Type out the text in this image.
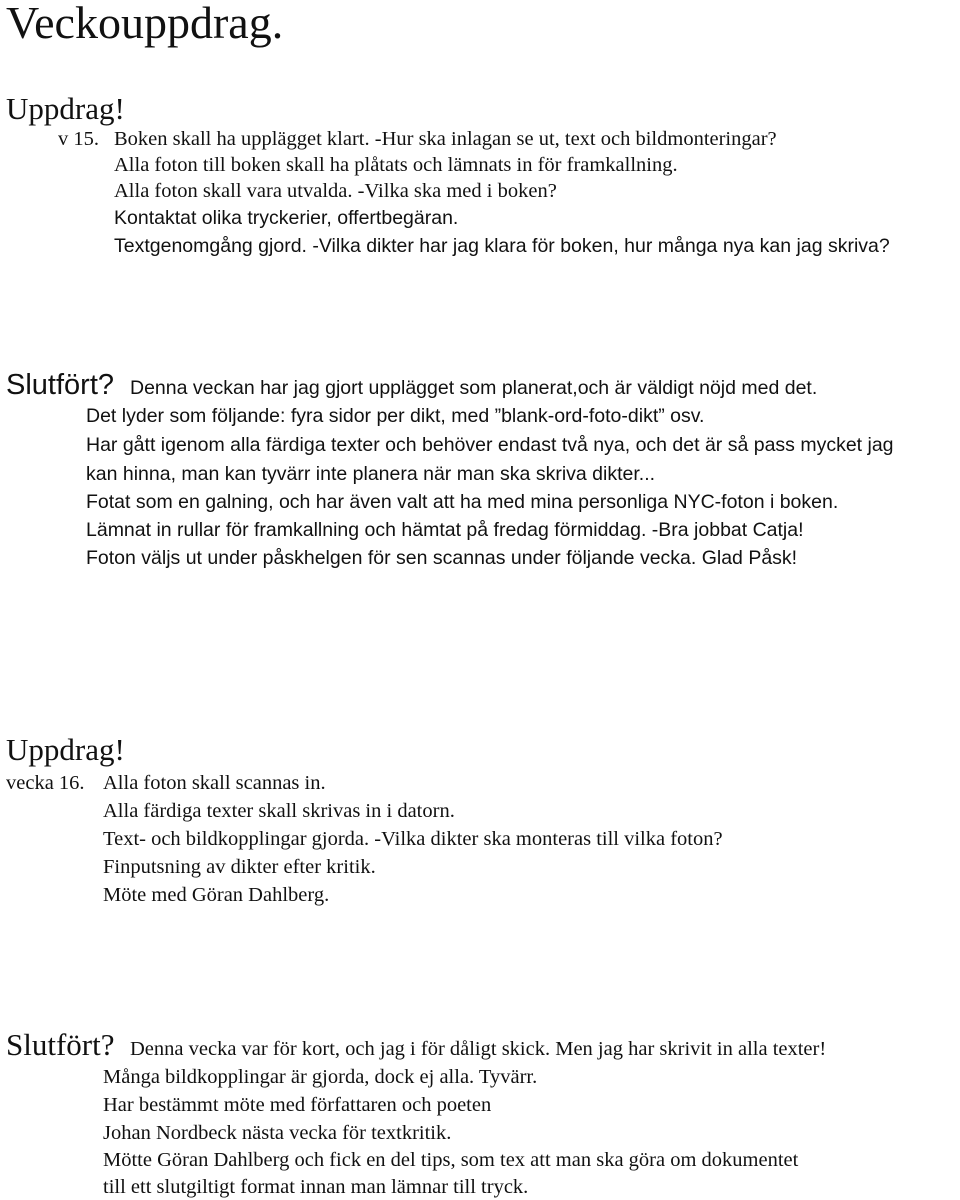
Veckouppdrag.
Uppdrag!
v 15. Boken skall ha upplägget klart. -Hur ska inlagan se ut, text och bildmonteringar?
Alla foton till boken skall ha plåtats och lämnats in för framkallning.
Alla foton skall vara utvalda. -Vilka ska med i boken?
Kontaktat olika tryckerier, offertbegäran.
Textgenomgång gjord. -Vilka dikter har jag klara för boken, hur många nya kan jag skriva?
Slutfört? Denna veckan har jag gjort upplägget som planerat,och är väldigt nöjd med det.
Det lyder som följande: fyra sidor per dikt, med ”blank-ord-foto-dikt” osv.
Har gått igenom alla färdiga texter och behöver endast två nya, och det är så pass mycket jag
kan hinna, man kan tyvärr inte planera när man ska skriva dikter...
Fotat som en galning, och har även valt att ha med mina personliga NYC-foton i boken.
Lämnat in rullar för framkallning och hämtat på fredag förmiddag. -Bra jobbat Catja!
Foton väljs ut under påskhelgen för sen scannas under följande vecka. Glad Påsk!
Uppdrag!
vecka 16. Alla foton skall scannas in.
Alla färdiga texter skall skrivas in i datorn.
Text- och bildkopplingar gjorda. -Vilka dikter ska monteras till vilka foton?
Finputsning av dikter efter kritik.
Möte med Göran Dahlberg.
Slutfört? Denna vecka var för kort, och jag i för dåligt skick. Men jag har skrivit in alla texter!
Många bildkopplingar är gjorda, dock ej alla. Tyvärr.
Har bestämmt möte med författaren och poeten
Johan Nordbeck nästa vecka för textkritik.
Mötte Göran Dahlberg och fick en del tips, som tex att man ska göra om dokumentet
till ett slutgiltigt format innan man lämnar till tryck.
